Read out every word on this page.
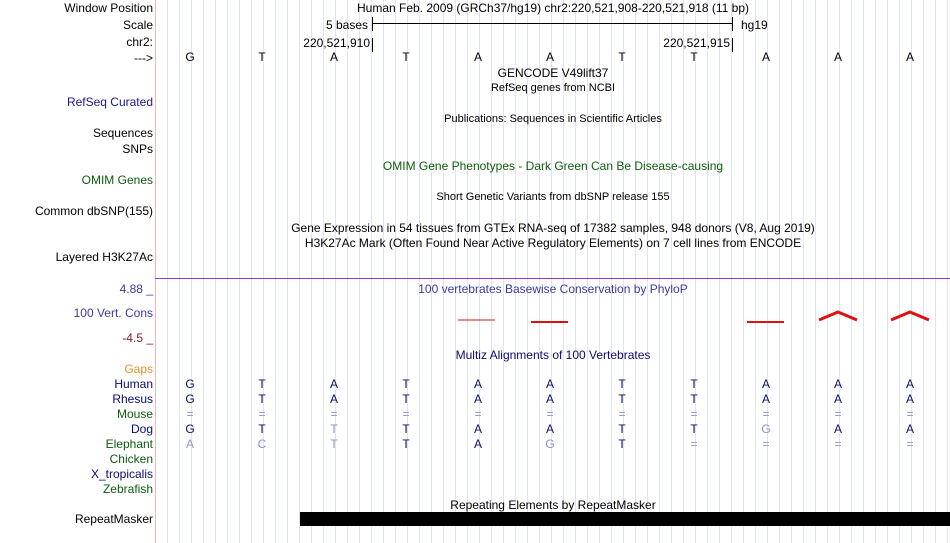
Window Position
Scale
chr2:
--->
Human Feb. 2009 (GRCh37/hg19) chr2:220,521,908-220,521,918 (11 bp)
5 bases	hg19
220,521,910	220,521,915
G	T	A	T	A	A	T	T	A	A	A
GENCODE V49lift37
RefSeq genes from NCBI
RefSeq Curated
Publications: Sequences in Scientific Articles
Sequences
SNPs
OMIM Gene Phenotypes - Dark Green Can Be Disease-causing
OMIM Genes
Short Genetic Variants from dbSNP release 155
Common dbSNP(155)
Gene Expression in 54 tissues from GTEx RNA-seq of 17382 samples, 948 donors (V8, Aug 2019)
H3K27Ac Mark (Often Found Near Active Regulatory Elements) on 7 cell lines from ENCODE
Layered H3K27Ac
100 vertebrates Basewise Conservation by PhyloP
4.88 _
100 Vert. Cons
-4.5 _
Multiz Alignments of 100 Vertebrates
Gaps
Human	G	T	A	T	A	A	T	T	A	A	A
Rhesus	G	T	A	T	A	A	T	T	A	A	A
Mouse	=	=	=	=	=	=	=	=	=	=	=
Dog	G	T	T	T	A	A	T	T	G	A	A
Elephant	A	C	T	T	A	G	T	=	=	=	=
Chicken
X_tropicalis
Zebrafish
Repeating Elements by RepeatMasker
RepeatMasker
